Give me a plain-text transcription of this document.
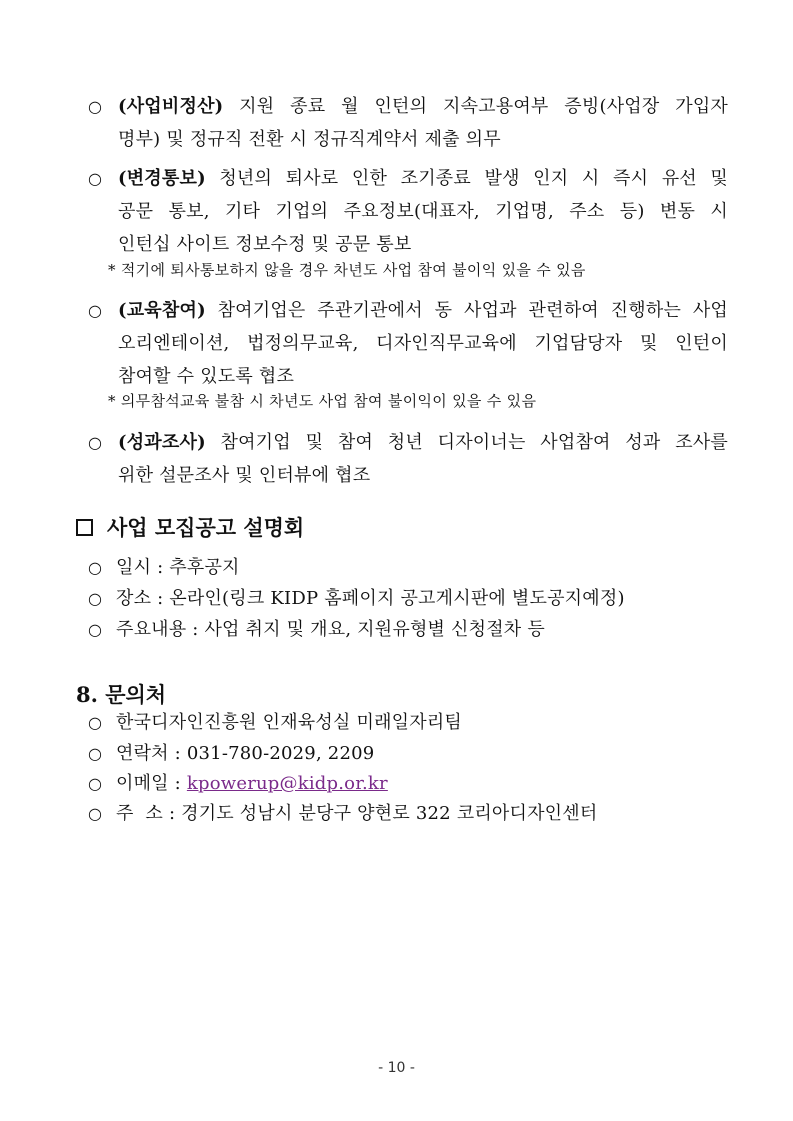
○ (사업비정산) 지원 종료 월 인턴의 지속고용여부 증빙(사업장 가입자
명부) 및 정규직 전환 시 정규직계약서 제출 의무
○ (변경통보) 청년의 퇴사로 인한 조기종료 발생 인지 시 즉시 유선 및
공문 통보, 기타 기업의 주요정보(대표자, 기업명, 주소 등) 변동 시
인턴십 사이트 정보수정 및 공문 통보
* 적기에 퇴사통보하지 않을 경우 차년도 사업 참여 불이익 있을 수 있음
○ (교육참여) 참여기업은 주관기관에서 동 사업과 관련하여 진행하는 사업
오리엔테이션, 법정의무교육, 디자인직무교육에 기업담당자 및 인턴이
참여할 수 있도록 협조
* 의무참석교육 불참 시 차년도 사업 참여 불이익이 있을 수 있음
○ (성과조사) 참여기업 및 참여 청년 디자이너는 사업참여 성과 조사를
위한 설문조사 및 인터뷰에 협조
사업 모집공고 설명회
○ 일시 : 추후공지
○ 장소 : 온라인(링크 KIDP 홈페이지 공고게시판에 별도공지예정)
○ 주요내용 : 사업 취지 및 개요, 지원유형별 신청절차 등
8. 문의처
○ 한국디자인진흥원 인재육성실 미래일자리팀
○ 연락처 : 031-780-2029, 2209
○ 이메일 : kpowerup@kidp.or.kr
○ 주  소 : 경기도 성남시 분당구 양현로 322 코리아디자인센터
- 10 -
